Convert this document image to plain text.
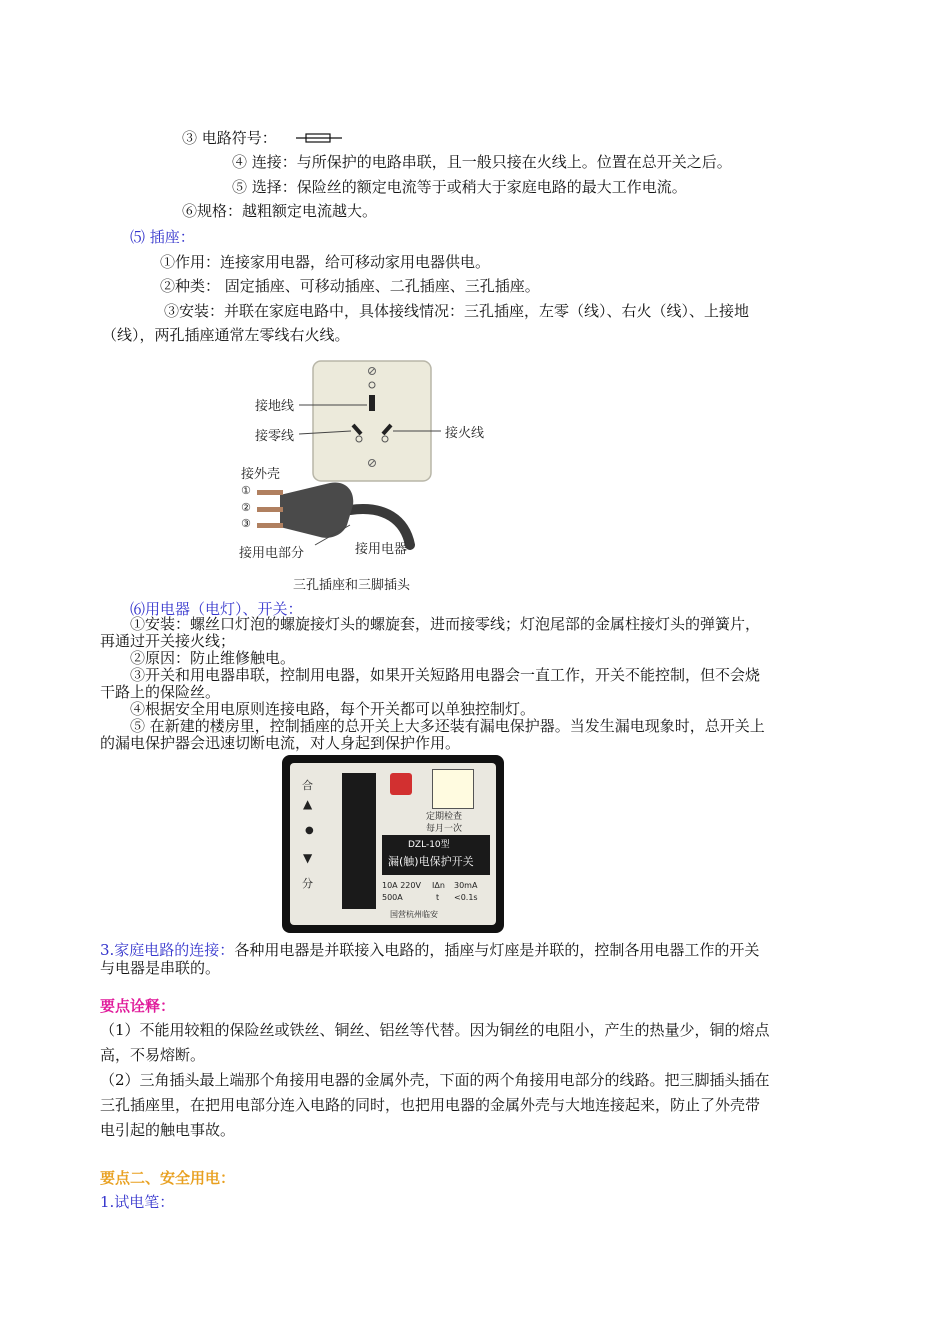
③ 电路符号：
④ 连接：与所保护的电路串联，且一般只接在火线上。位置在总开关之后。
⑤ 选择：保险丝的额定电流等于或稍大于家庭电路的最大工作电流。
⑥规格：越粗额定电流越大。
⑸ 插座：
①作用：连接家用电器，给可移动家用电器供电。
②种类： 固定插座、可移动插座、二孔插座、三孔插座。
③安装：并联在家庭电路中，具体接线情况：三孔插座，左零（线）、右火（线）、上接地
（线），两孔插座通常左零线右火线。
接地线
接零线	接火线
接外壳
①
②
③
接用电部分	接用电器
三孔插座和三脚插头
⑹用电器（电灯）、开关：
①安装：螺丝口灯泡的螺旋接灯头的螺旋套，进而接零线；灯泡尾部的金属柱接灯头的弹簧片，
再通过开关接火线；
②原因：防止维修触电。
③开关和用电器串联，控制用电器，如果开关短路用电器会一直工作，开关不能控制，但不会烧
干路上的保险丝。
④根据安全用电原则连接电路，每个开关都可以单独控制灯。
⑤ 在新建的楼房里，控制插座的总开关上大多还装有漏电保护器。当发生漏电现象时，总开关上
的漏电保护器会迅速切断电流，对人身起到保护作用。
合
▲
●
▼
分
定期检查
每月一次
DZL-10型
漏(触)电保护开关
10A 220V
500A
IΔn
t
30mA
<0.1s
国营杭州临安
3.家庭电路的连接：各种用电器是并联接入电路的，插座与灯座是并联的，控制各用电器工作的开关
与电器是串联的。
要点诠释：
（1）不能用较粗的保险丝或铁丝、铜丝、铝丝等代替。因为铜丝的电阻小，产生的热量少，铜的熔点
高，不易熔断。
（2）三角插头最上端那个角接用电器的金属外壳，下面的两个角接用电部分的线路。把三脚插头插在
三孔插座里，在把用电部分连入电路的同时，也把用电器的金属外壳与大地连接起来，防止了外壳带
电引起的触电事故。
要点二、安全用电：
1.试电笔：
